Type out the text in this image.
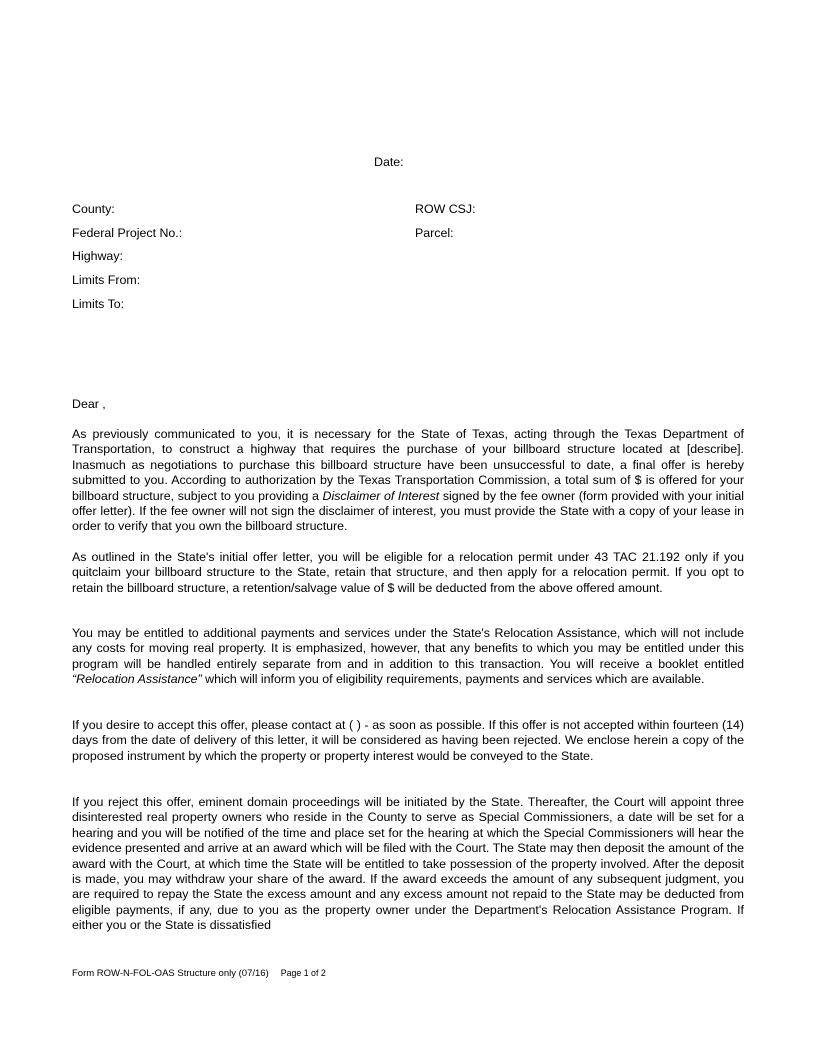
Date:
County:
Federal Project No.:
Highway:
Limits From:
Limits To:
ROW CSJ:
Parcel:
Dear ,

As previously communicated to you, it is necessary for the State of Texas, acting through the Texas Department of Transportation, to construct a highway that requires the purchase of your billboard structure located at [describe]. Inasmuch as negotiations to purchase this billboard structure have been unsuccessful to date, a final offer is hereby submitted to you. According to authorization by the Texas Transportation Commission, a total sum of $ is offered for your billboard structure, subject to you providing a Disclaimer of Interest signed by the fee owner (form provided with your initial offer letter). If the fee owner will not sign the disclaimer of interest, you must provide the State with a copy of your lease in order to verify that you own the billboard structure.

As outlined in the State's initial offer letter, you will be eligible for a relocation permit under 43 TAC 21.192 only if you quitclaim your billboard structure to the State, retain that structure, and then apply for a relocation permit. If you opt to retain the billboard structure, a retention/salvage value of $ will be deducted from the above offered amount.

You may be entitled to additional payments and services under the State's Relocation Assistance, which will not include any costs for moving real property. It is emphasized, however, that any benefits to which you may be entitled under this program will be handled entirely separate from and in addition to this transaction. You will receive a booklet entitled “Relocation Assistance” which will inform you of eligibility requirements, payments and services which are available.

If you desire to accept this offer, please contact at ( ) - as soon as possible. If this offer is not accepted within fourteen (14) days from the date of delivery of this letter, it will be considered as having been rejected. We enclose herein a copy of the proposed instrument by which the property or property interest would be conveyed to the State.

If you reject this offer, eminent domain proceedings will be initiated by the State. Thereafter, the Court will appoint three disinterested real property owners who reside in the County to serve as Special Commissioners, a date will be set for a hearing and you will be notified of the time and place set for the hearing at which the Special Commissioners will hear the evidence presented and arrive at an award which will be filed with the Court. The State may then deposit the amount of the award with the Court, at which time the State will be entitled to take possession of the property involved. After the deposit is made, you may withdraw your share of the award. If the award exceeds the amount of any subsequent judgment, you are required to repay the State the excess amount and any excess amount not repaid to the State may be deducted from eligible payments, if any, due to you as the property owner under the Department's Relocation Assistance Program. If either you or the State is dissatisfied

Form ROW-N-FOL-OAS Structure only (07/16) Page 1 of 2
